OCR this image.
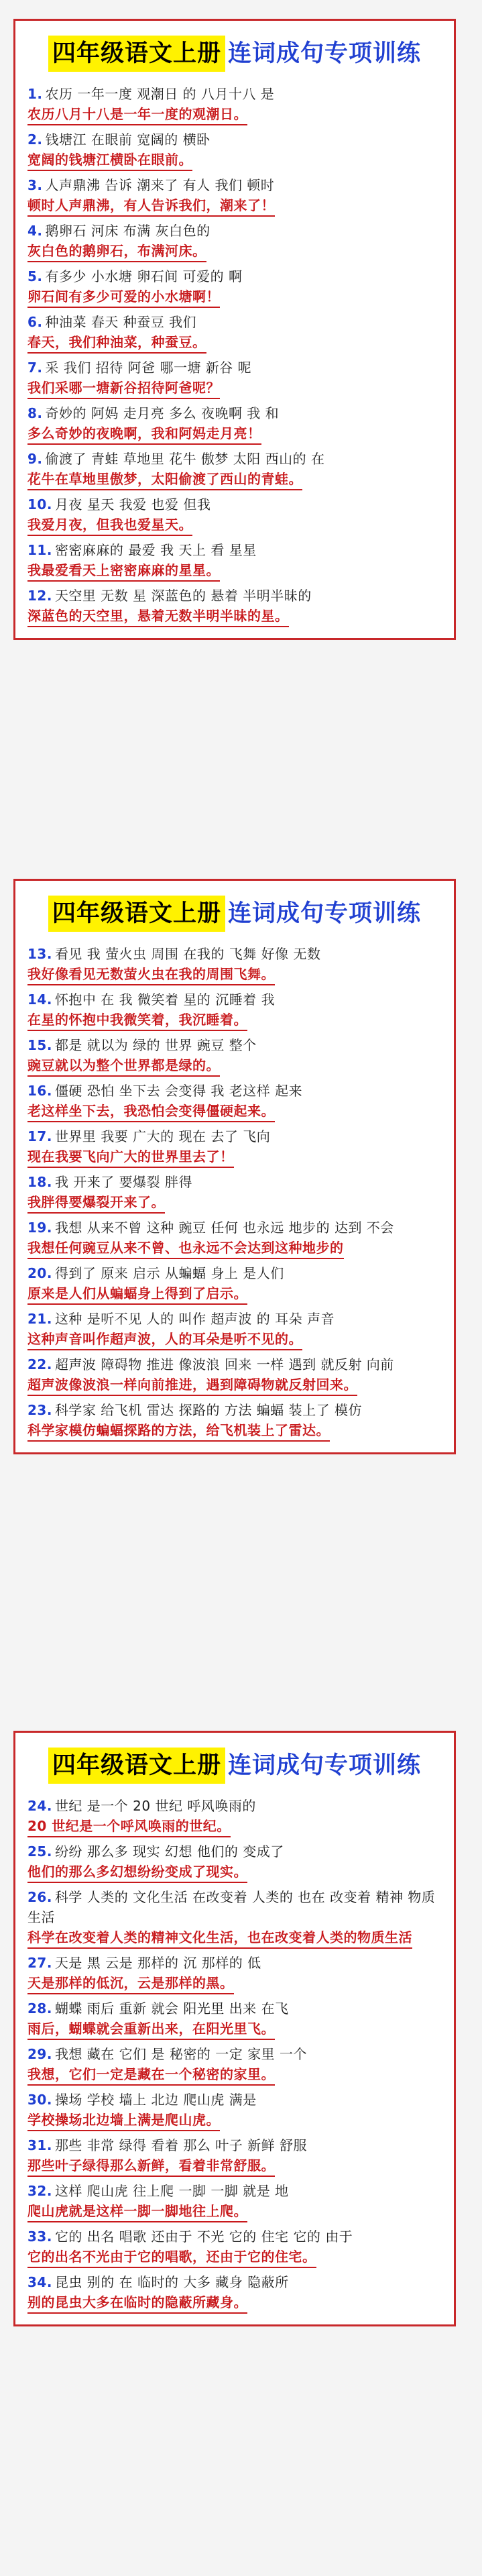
四年级语文上册 连词成句专项训练
1. 农历 一年一度 观潮日 的 八月十八 是
农历八月十八是一年一度的观潮日。
2. 钱塘江 在眼前 宽阔的 横卧
宽阔的钱塘江横卧在眼前。
3. 人声鼎沸 告诉 潮来了 有人 我们 顿时
顿时人声鼎沸，有人告诉我们，潮来了！
4. 鹅卵石 河床 布满 灰白色的
灰白色的鹅卵石，布满河床。
5. 有多少 小水塘 卵石间 可爱的 啊
卵石间有多少可爱的小水塘啊！
6. 种油菜 春天 种蚕豆 我们
春天，我们种油菜，种蚕豆。
7. 采 我们 招待 阿爸 哪一塘 新谷 呢
我们采哪一塘新谷招待阿爸呢？
8. 奇妙的 阿妈 走月亮 多么 夜晚啊 我 和
多么奇妙的夜晚啊，我和阿妈走月亮！
9. 偷渡了 青蛙 草地里 花牛 傲梦 太阳 西山的 在
花牛在草地里傲梦，太阳偷渡了西山的青蛙。
10. 月夜 星天 我爱 也爱 但我
我爱月夜，但我也爱星天。
11. 密密麻麻的 最爱 我 天上 看 星星
我最爱看天上密密麻麻的星星。
12. 天空里 无数 星 深蓝色的 悬着 半明半昧的
深蓝色的天空里，悬着无数半明半昧的星。
四年级语文上册 连词成句专项训练
13. 看见 我 萤火虫 周围 在我的 飞舞 好像 无数
我好像看见无数萤火虫在我的周围飞舞。
14. 怀抱中 在 我 微笑着 星的 沉睡着 我
在星的怀抱中我微笑着，我沉睡着。
15. 都是 就以为 绿的 世界 豌豆 整个
豌豆就以为整个世界都是绿的。
16. 僵硬 恐怕 坐下去 会变得 我 老这样 起来
老这样坐下去，我恐怕会变得僵硬起来。
17. 世界里 我要 广大的 现在 去了 飞向
现在我要飞向广大的世界里去了！
18. 我 开来了 要爆裂 胖得
我胖得要爆裂开来了。
19. 我想 从来不曾 这种 豌豆 任何 也永远 地步的 达到 不会
我想任何豌豆从来不曾、也永远不会达到这种地步的
20. 得到了 原来 启示 从蝙蝠 身上 是人们
原来是人们从蝙蝠身上得到了启示。
21. 这种 是听不见 人的 叫作 超声波 的 耳朵 声音
这种声音叫作超声波，人的耳朵是听不见的。
22. 超声波 障碍物 推进 像波浪 回来 一样 遇到 就反射 向前
超声波像波浪一样向前推进，遇到障碍物就反射回来。
23. 科学家 给飞机 雷达 探路的 方法 蝙蝠 装上了 模仿
科学家模仿蝙蝠探路的方法，给飞机装上了雷达。
四年级语文上册 连词成句专项训练
24. 世纪 是一个 20 世纪 呼风唤雨的
20 世纪是一个呼风唤雨的世纪。
25. 纷纷 那么多 现实 幻想 他们的 变成了
他们的那么多幻想纷纷变成了现实。
26. 科学 人类的 文化生活 在改变着 人类的 也在 改变着 精神 物质生活
科学在改变着人类的精神文化生活，也在改变着人类的物质生活
27. 天是 黑 云是 那样的 沉 那样的 低
天是那样的低沉，云是那样的黑。
28. 蝴蝶 雨后 重新 就会 阳光里 出来 在飞
雨后，蝴蝶就会重新出来，在阳光里飞。
29. 我想 藏在 它们 是 秘密的 一定 家里 一个
我想，它们一定是藏在一个秘密的家里。
30. 操场 学校 墙上 北边 爬山虎 满是
学校操场北边墙上满是爬山虎。
31. 那些 非常 绿得 看着 那么 叶子 新鲜 舒服
那些叶子绿得那么新鲜，看着非常舒服。
32. 这样 爬山虎 往上爬 一脚 一脚 就是 地
爬山虎就是这样一脚一脚地往上爬。
33. 它的 出名 唱歌 还由于 不光 它的 住宅 它的 由于
它的出名不光由于它的唱歌，还由于它的住宅。
34. 昆虫 别的 在 临时的 大多 藏身 隐蔽所
别的昆虫大多在临时的隐蔽所藏身。
